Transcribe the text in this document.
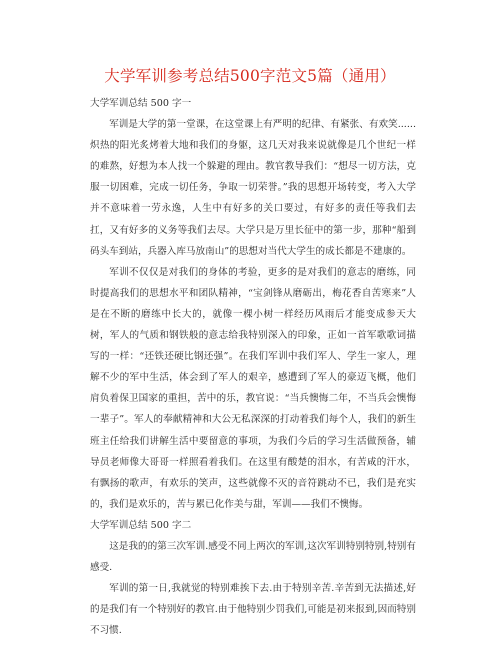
大学军训参考总结500字范文5篇（通用）

大学军训总结 500 字一

军训是大学的第一堂课，在这堂课上有严明的纪律、有紧张、有欢笑......炽热的阳光炙烤着大地和我们的身躯，这几天对我来说就像是几个世纪一样的难熬，好想为本人找一个躲避的理由。教官教导我们：“想尽一切方法，克服一切困难，完成一切任务，争取一切荣誉。”我的思想开场转变，考入大学并不意味着一劳永逸，人生中有好多的关口要过，有好多的责任等我们去扛，又有好多的义务等我们去尽。大学只是万里长征中的第一步，那种“船到码头车到站，兵器入库马放南山”的思想对当代大学生的成长都是不建康的。

军训不仅仅是对我们的身体的考验，更多的是对我们的意志的磨练，同时提高我们的思想水平和团队精神，“宝剑锋从磨砺出，梅花香自苦寒来”人是在不断的磨练中长大的，就像一棵小树一样经历风雨后才能变成参天大树，军人的气质和钢铁般的意志给我特别深入的印象，正如一首军歌歌词描写的一样：“还铁还硬比钢还强”。在我们军训中我们军人、学生一家人，理解不少的军中生活，体会到了军人的艰辛，感遭到了军人的豪迈飞概，他们肩负着保卫国家的重担，苦中的乐，教官说：“当兵懊悔二年，不当兵会懊悔一辈子”。军人的奉献精神和大公无私深深的打动着我们每个人，我们的新生班主任给我们讲解生活中要留意的事项，为我们今后的学习生活做预备，辅导员老师像大哥哥一样照看着我们。在这里有酸楚的泪水，有苦咸的汗水，有飘扬的歌声，有欢乐的笑声，这些就像不灭的音符跳动不已，我们是充实的，我们是欢乐的，苦与累已化作美与甜，军训——我们不懊悔。

大学军训总结 500 字二

这是我的的第三次军训.感受不同上两次的军训,这次军训特别特别,特别有感受.

军训的第一日,我就觉的特别难挨下去.由于特别辛苦.辛苦到无法描述,好的是我们有一个特别好的教官.由于他特别少罚我们,可能是初来报到,因而特别不习惯.
